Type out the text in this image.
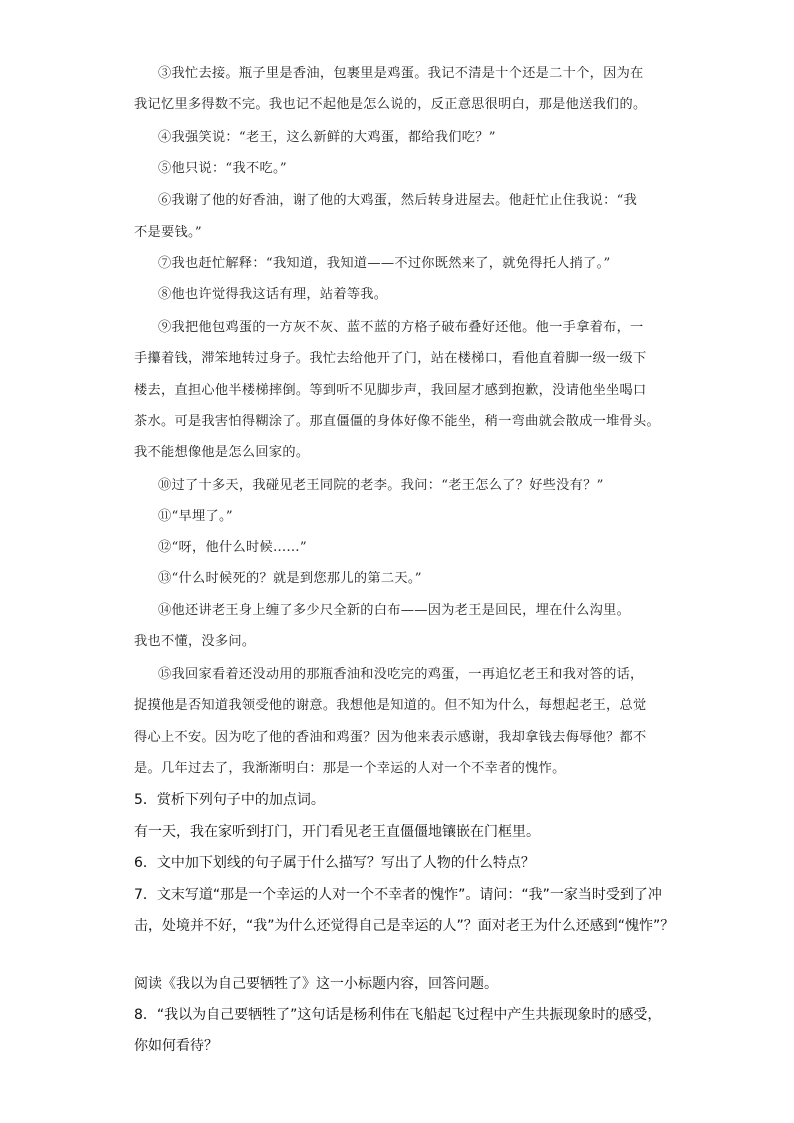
③我忙去接。瓶子里是香油，包裹里是鸡蛋。我记不清是十个还是二十个，因为在
我记忆里多得数不完。我也记不起他是怎么说的，反正意思很明白，那是他送我们的。
④我强笑说：“老王，这么新鲜的大鸡蛋，都给我们吃？”
⑤他只说：“我不吃。”
⑥我谢了他的好香油，谢了他的大鸡蛋，然后转身进屋去。他赶忙止住我说：“我
不是要钱。”
⑦我也赶忙解释：“我知道，我知道——不过你既然来了，就免得托人捎了。”
⑧他也许觉得我这话有理，站着等我。
⑨我把他包鸡蛋的一方灰不灰、蓝不蓝的方格子破布叠好还他。他一手拿着布，一
手攥着钱，滞笨地转过身子。我忙去给他开了门，站在楼梯口，看他直着脚一级一级下
楼去，直担心他半楼梯摔倒。等到听不见脚步声，我回屋才感到抱歉，没请他坐坐喝口
茶水。可是我害怕得糊涂了。那直僵僵的身体好像不能坐，稍一弯曲就会散成一堆骨头。
我不能想像他是怎么回家的。
⑩过了十多天，我碰见老王同院的老李。我问：“老王怎么了？好些没有？”
⑪“早埋了。”
⑫“呀，他什么时候……”
⑬“什么时候死的？就是到您那儿的第二天。”
⑭他还讲老王身上缠了多少尺全新的白布——因为老王是回民，埋在什么沟里。
我也不懂，没多问。
⑮我回家看着还没动用的那瓶香油和没吃完的鸡蛋，一再追忆老王和我对答的话，
捉摸他是否知道我领受他的谢意。我想他是知道的。但不知为什么，每想起老王，总觉
得心上不安。因为吃了他的香油和鸡蛋？因为他来表示感谢，我却拿钱去侮辱他？都不
是。几年过去了，我渐渐明白：那是一个幸运的人对一个不幸者的愧怍。
5．赏析下列句子中的加点词。
有一天，我在家听到打门，开门看见老王直僵僵地镶嵌在门框里。
6．文中加下划线的句子属于什么描写？写出了人物的什么特点？
7．文末写道“那是一个幸运的人对一个不幸者的愧怍”。请问：“我”一家当时受到了冲
击，处境并不好，“我”为什么还觉得自己是幸运的人”？面对老王为什么还感到“愧怍”？
阅读《我以为自己要牺牲了》这一小标题内容，回答问题。
8．“我以为自己要牺牲了”这句话是杨利伟在飞船起飞过程中产生共振现象时的感受，
你如何看待？
